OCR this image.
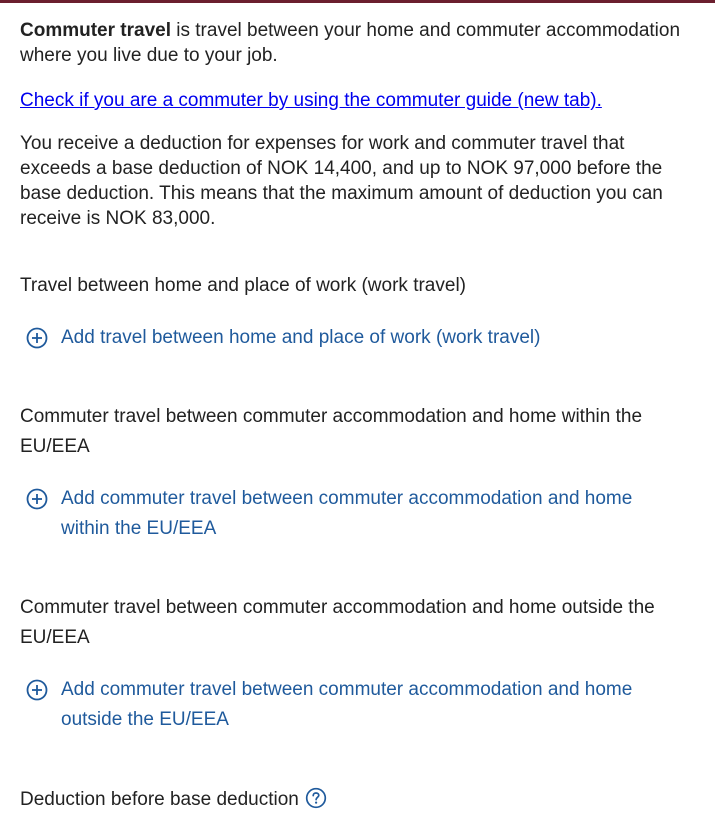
Commuter travel is travel between your home and commuter accommodation where you live due to your job.

Check if you are a commuter by using the commuter guide (new tab).

You receive a deduction for expenses for work and commuter travel that exceeds a base deduction of NOK 14,400, and up to NOK 97,000 before the base deduction. This means that the maximum amount of deduction you can receive is NOK 83,000.

Travel between home and place of work (work travel)

Add travel between home and place of work (work travel)

Commuter travel between commuter accommodation and home within the EU/EEA

Add commuter travel between commuter accommodation and home within the EU/EEA

Commuter travel between commuter accommodation and home outside the EU/EEA

Add commuter travel between commuter accommodation and home outside the EU/EEA

Deduction before base deduction
